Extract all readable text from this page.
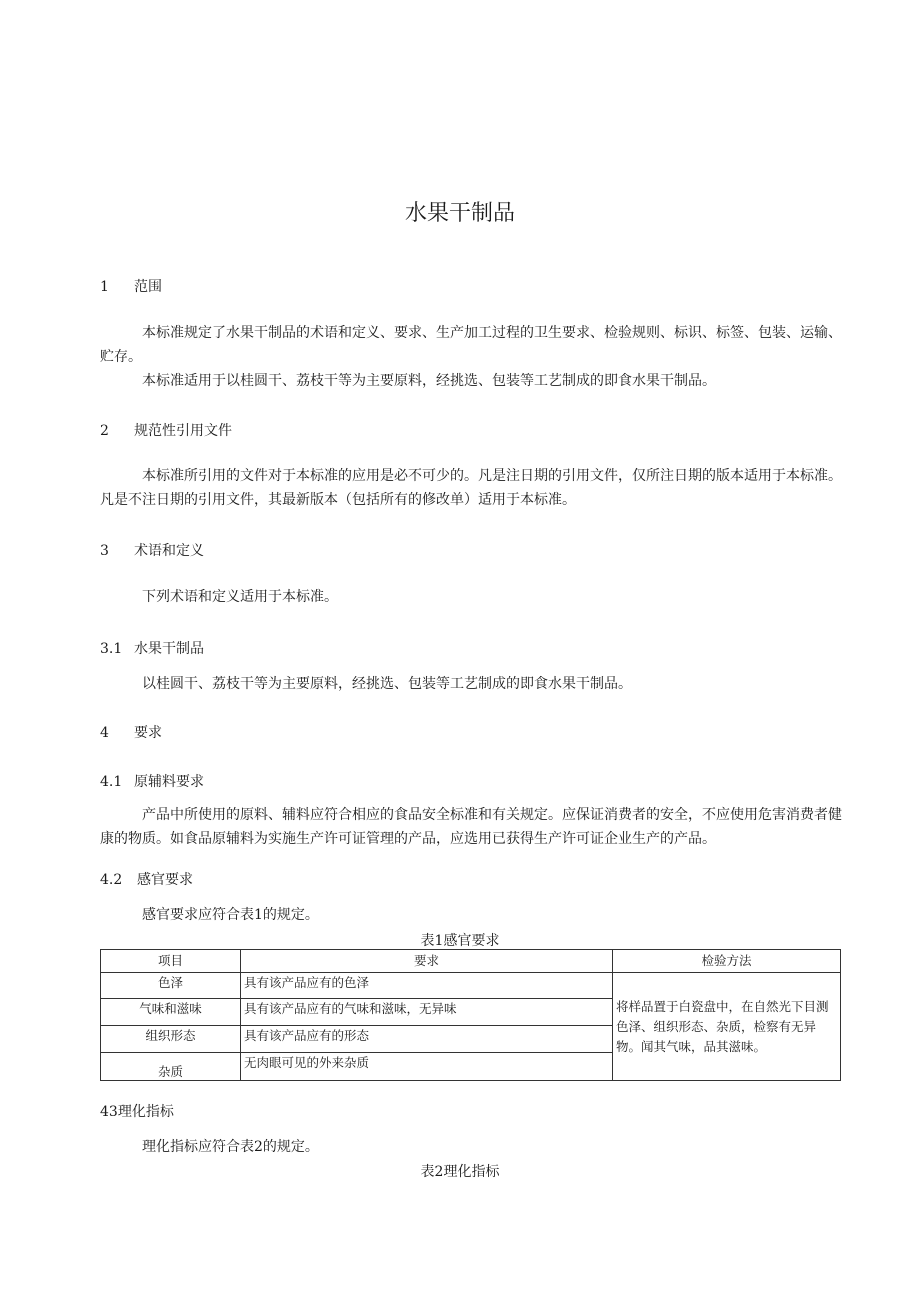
水果干制品
1 范围
本标准规定了水果干制品的术语和定义、要求、生产加工过程的卫生要求、检验规则、标识、标签、包装、运输、贮存。
本标准适用于以桂圆干、荔枝干等为主要原料，经挑选、包装等工艺制成的即食水果干制品。
2 规范性引用文件
本标准所引用的文件对于本标准的应用是必不可少的。凡是注日期的引用文件，仅所注日期的版本适用于本标准。凡是不注日期的引用文件，其最新版本（包括所有的修改单）适用于本标准。
3 术语和定义
下列术语和定义适用于本标准。
3.1 水果干制品
以桂圆干、荔枝干等为主要原料，经挑选、包装等工艺制成的即食水果干制品。
4 要求
4.1 原辅料要求
产品中所使用的原料、辅料应符合相应的食品安全标准和有关规定。应保证消费者的安全，不应使用危害消费者健康的物质。如食品原辅料为实施生产许可证管理的产品，应选用已获得生产许可证企业生产的产品。
4.2 感官要求
感官要求应符合表1的规定。
表1感官要求
项目	要求	检验方法
色泽	具有该产品应有的色泽	将样品置于白瓷盘中，在自然光下目测色泽、组织形态、杂质，检察有无异物。闻其气味，品其滋味。
气味和滋味	具有该产品应有的气味和滋味，无异味	
组织形态	具有该产品应有的形态	
杂质	无肉眼可见的外来杂质	
43理化指标
理化指标应符合表2的规定。
表2理化指标
